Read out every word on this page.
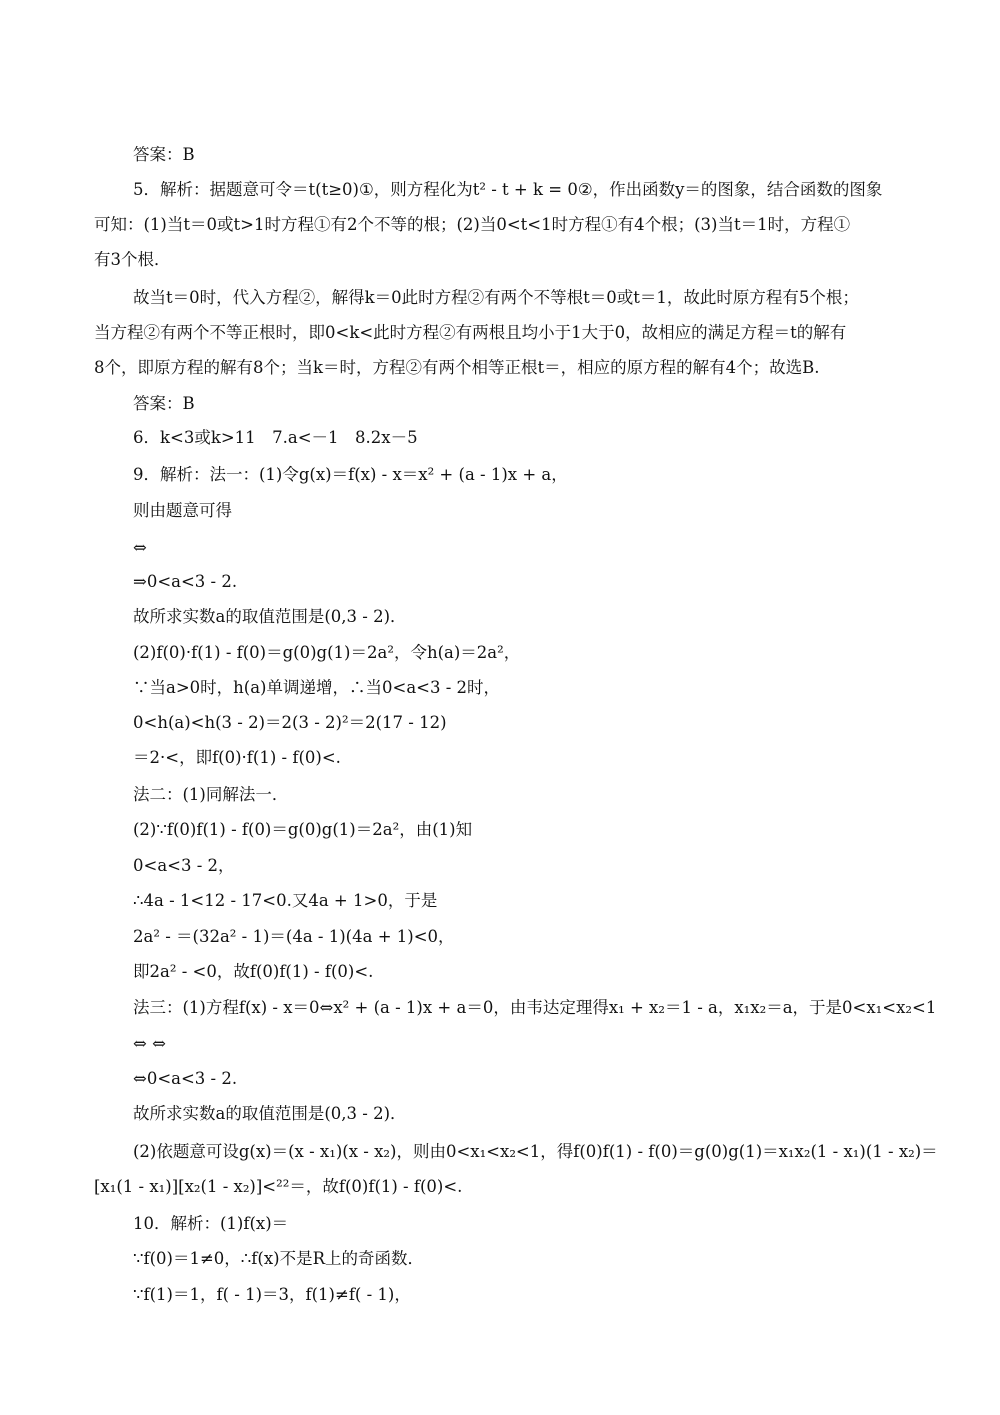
答案：B

5．解析：据题意可令＝t(t≥0)①，则方程化为t² - t + k = 0②，作出函数y＝的图象，结合函数的图象

可知：(1)当t＝0或t>1时方程①有2个不等的根；(2)当0<t<1时方程①有4个根；(3)当t＝1时，方程①

有3个根．

故当t＝0时，代入方程②，解得k＝0此时方程②有两个不等根t＝0或t＝1，故此时原方程有5个根；

当方程②有两个不等正根时，即0<k<此时方程②有两根且均小于1大于0，故相应的满足方程＝t的解有

8个，即原方程的解有8个；当k＝时，方程②有两个相等正根t＝，相应的原方程的解有4个；故选B.

答案：B

6．k<3或k>11　7.a<－1　8.2x－5

9．解析：法一：(1)令g(x)＝f(x) - x＝x² + (a - 1)x + a，

则由题意可得

⇔

⇒0<a<3 - 2.

故所求实数a的取值范围是(0,3 - 2)．

(2)f(0)·f(1) - f(0)＝g(0)g(1)＝2a²，令h(a)＝2a²，

∵当a>0时，h(a)单调递增，∴当0<a<3 - 2时，

0<h(a)<h(3 - 2)＝2(3 - 2)²＝2(17 - 12)

＝2·<，即f(0)·f(1) - f(0)<.

法二：(1)同解法一．

(2)∵f(0)f(1) - f(0)＝g(0)g(1)＝2a²，由(1)知

0<a<3 - 2，

∴4a - 1<12 - 17<0.又4a + 1>0，于是

2a² - ＝(32a² - 1)＝(4a - 1)(4a + 1)<0，

即2a² - <0，故f(0)f(1) - f(0)<.

法三：(1)方程f(x) - x＝0⇔x² + (a - 1)x + a＝0，由韦达定理得x₁ + x₂＝1 - a，x₁x₂＝a，于是0<x₁<x₂<1

⇔ ⇔

⇔0<a<3 - 2.

故所求实数a的取值范围是(0,3 - 2)．

(2)依题意可设g(x)＝(x - x₁)(x - x₂)，则由0<x₁<x₂<1，得f(0)f(1) - f(0)＝g(0)g(1)＝x₁x₂(1 - x₁)(1 - x₂)＝

[x₁(1 - x₁)][x₂(1 - x₂)]<²²＝，故f(0)f(1) - f(0)<.

10．解析：(1)f(x)＝

∵f(0)＝1≠0，∴f(x)不是R上的奇函数．

∵f(1)＝1，f( - 1)＝3，f(1)≠f( - 1)，
